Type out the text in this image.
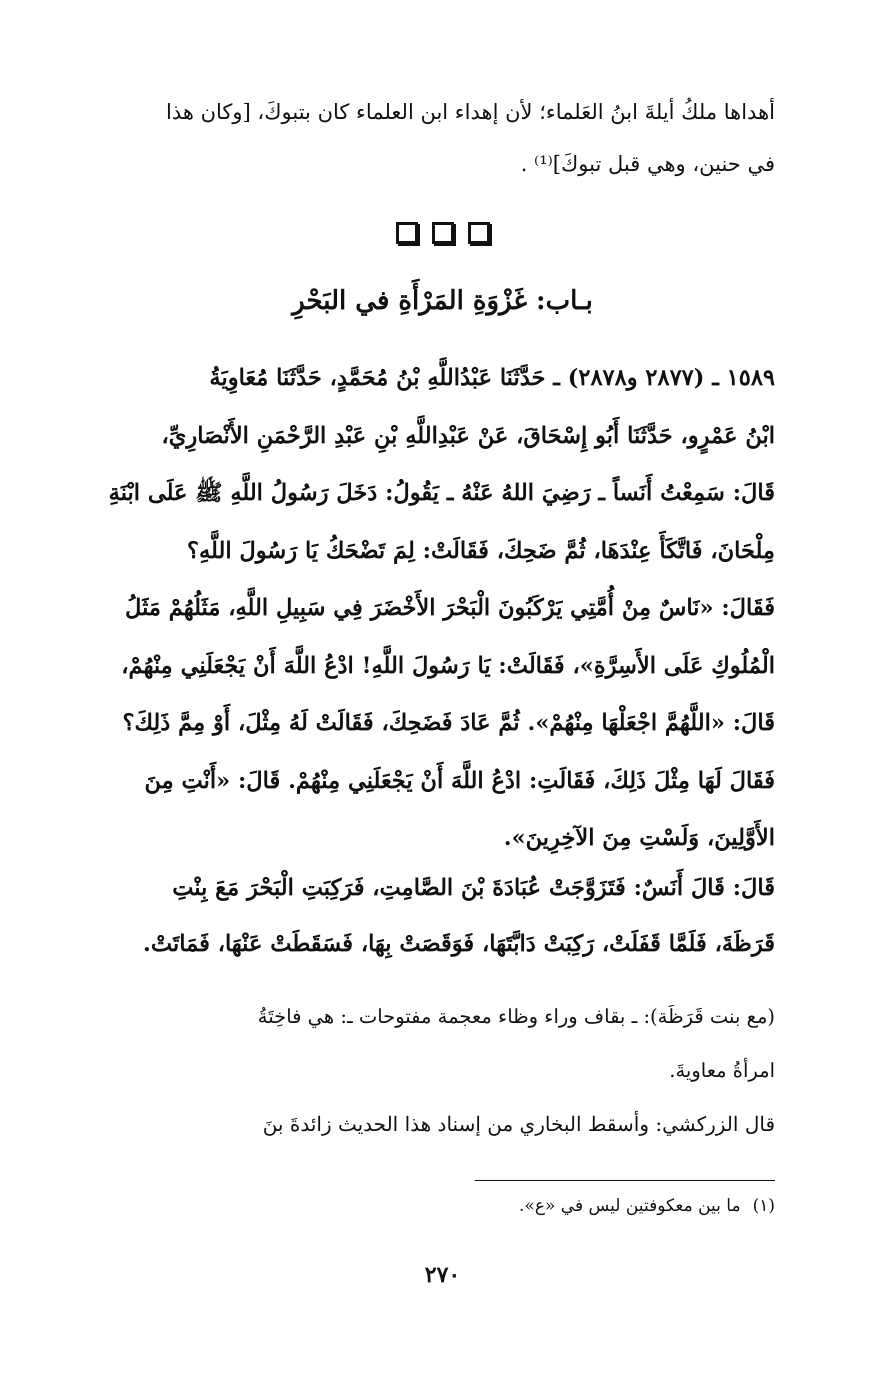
أهداها ملكُ أيلةَ ابنُ العَلماء؛ لأن إهداء ابن العلماء كان بتبوكَ، [وكان هذا
في حنين، وهي قبل تبوكَ]⁽¹⁾ .
بـاب: غَزْوَةِ المَرْأَةِ في البَحْرِ
١٥٨٩ ـ (٢٨٧٧ و٢٨٧٨) ـ حَدَّثَنَا عَبْدُاللَّهِ بْنُ مُحَمَّدٍ، حَدَّثَنَا مُعَاوِيَةُ
ابْنُ عَمْرٍو، حَدَّثَنَا أَبُو إِسْحَاقَ، عَنْ عَبْدِاللَّهِ بْنِ عَبْدِ الرَّحْمَنِ الأَنْصَارِيِّ،
قَالَ: سَمِعْتُ أَنَساً ـ رَضِيَ اللهُ عَنْهُ ـ يَقُولُ: دَخَلَ رَسُولُ اللَّهِ ﷺ عَلَى ابْنَةِ
مِلْحَانَ، فَاتَّكَأَ عِنْدَهَا، ثُمَّ ضَحِكَ، فَقَالَتْ: لِمَ تَضْحَكُ يَا رَسُولَ اللَّهِ؟
فَقَالَ: «نَاسٌ مِنْ أُمَّتِي يَرْكَبُونَ الْبَحْرَ الأَخْضَرَ فِي سَبِيلِ اللَّهِ، مَثَلُهُمْ مَثَلُ
الْمُلُوكِ عَلَى الأَسِرَّةِ»، فَقَالَتْ: يَا رَسُولَ اللَّهِ! ادْعُ اللَّهَ أَنْ يَجْعَلَنِي مِنْهُمْ،
قَالَ: «اللَّهُمَّ اجْعَلْهَا مِنْهُمْ». ثُمَّ عَادَ فَضَحِكَ، فَقَالَتْ لَهُ مِثْلَ، أَوْ مِمَّ ذَلِكَ؟
فَقَالَ لَهَا مِثْلَ ذَلِكَ، فَقَالَتِ: ادْعُ اللَّهَ أَنْ يَجْعَلَنِي مِنْهُمْ. قَالَ: «أَنْتِ مِنَ
الأَوَّلِينَ، وَلَسْتِ مِنَ الآخِرِينَ».
قَالَ: قَالَ أَنَسٌ: فَتَزَوَّجَتْ عُبَادَةَ بْنَ الصَّامِتِ، فَرَكِبَتِ الْبَحْرَ مَعَ بِنْتِ
قَرَظَةَ، فَلَمَّا قَفَلَتْ، رَكِبَتْ دَابَّتَهَا، فَوَقَصَتْ بِهَا، فَسَقَطَتْ عَنْهَا، فَمَاتَتْ.
(مع بنت قَرَظَة): ـ بقاف وراء وظاء معجمة مفتوحات ـ: هي فاخِتَةُ
امرأةُ معاويةَ.
قال الزركشي: وأسقط البخاري من إسناد هذا الحديث زائدةَ بنَ
(١)ما بين معكوفتين ليس في «ع».
٢٧٠
